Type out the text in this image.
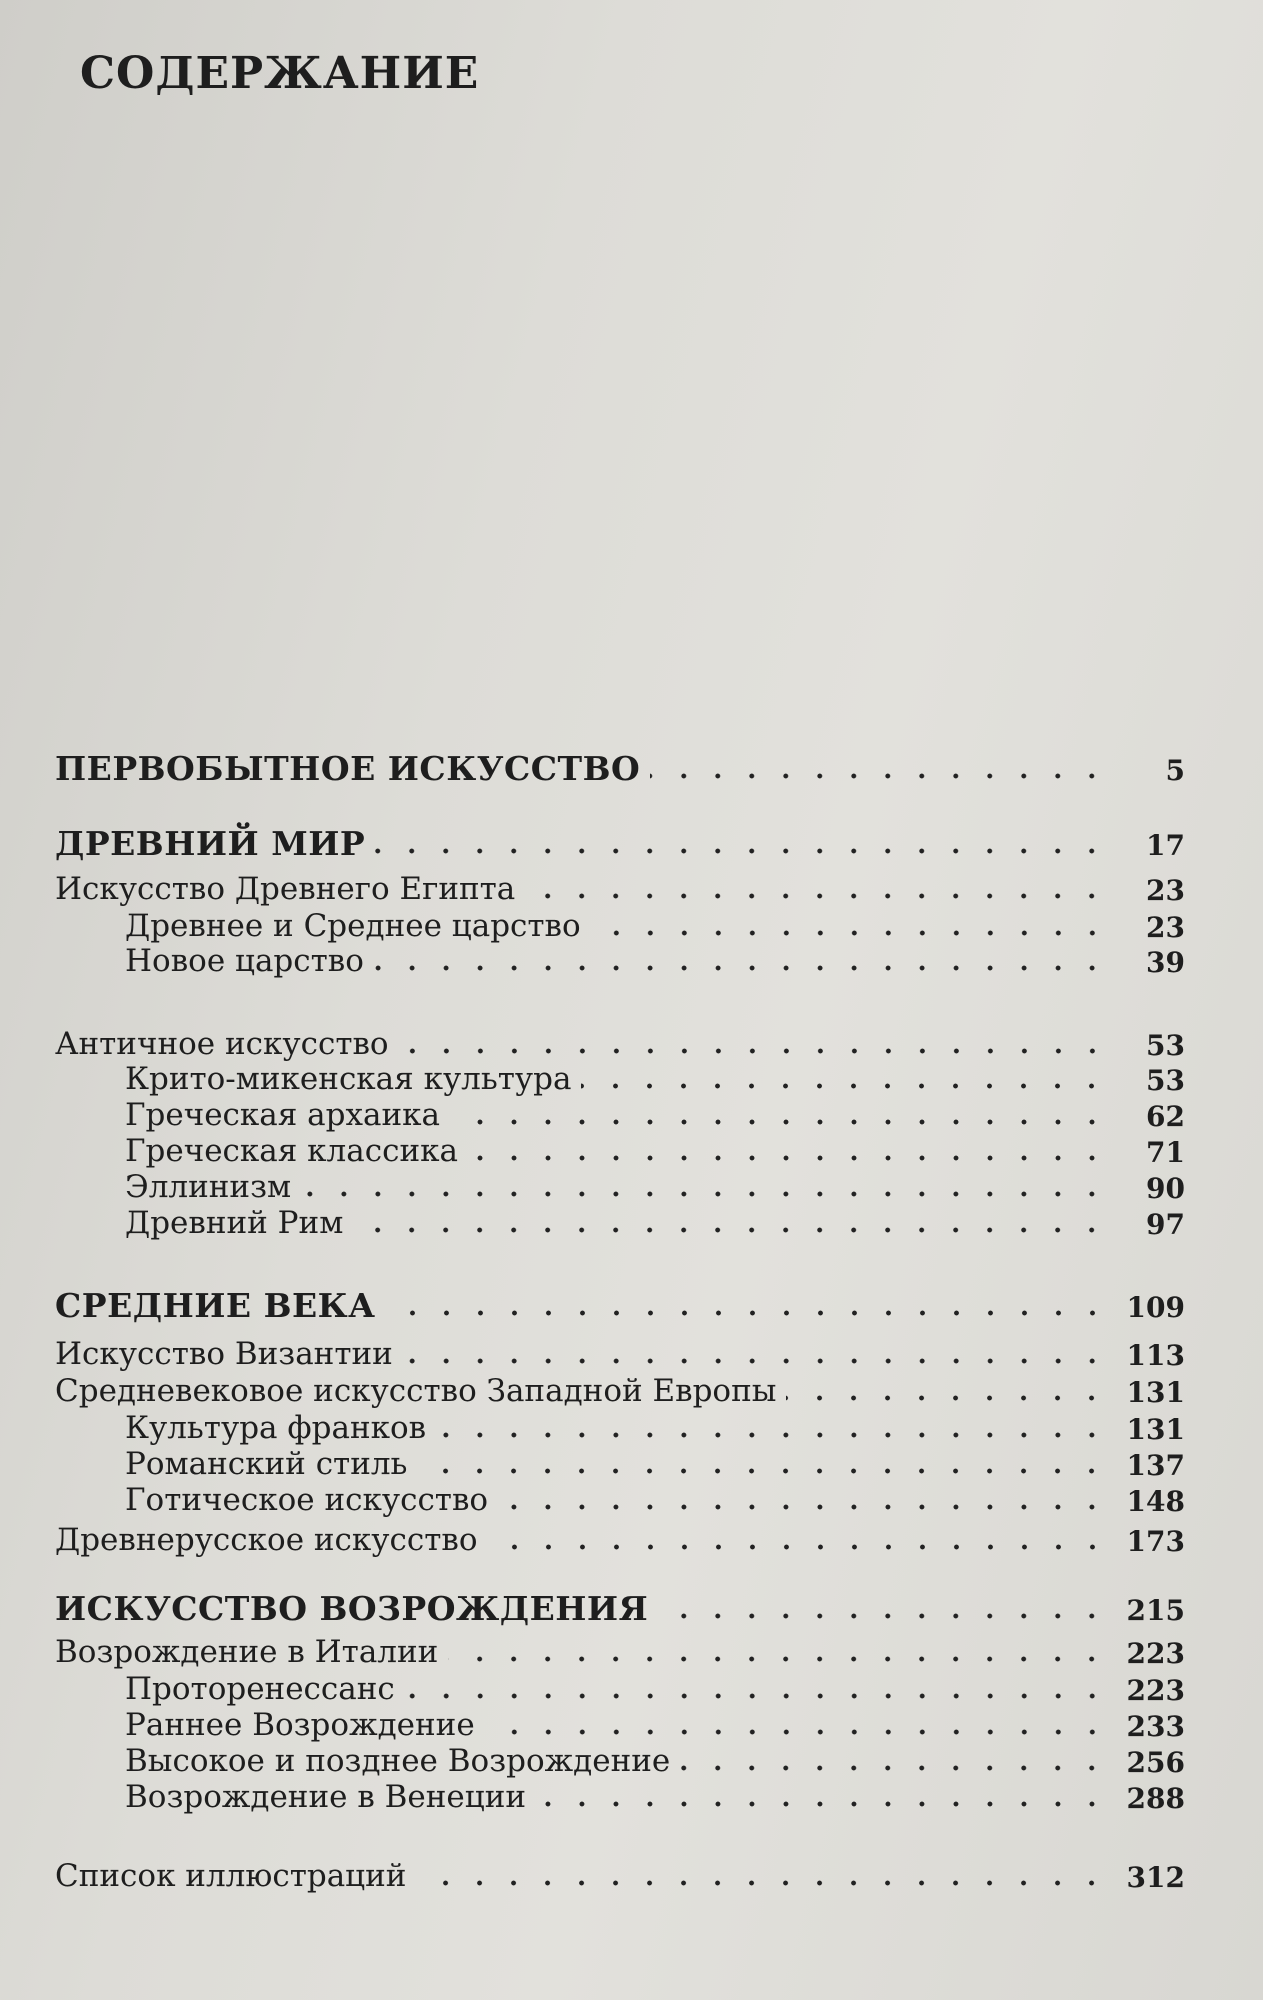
СОДЕРЖАНИЕ
ПЕРВОБЫТНОЕ ИСКУССТВО	5
ДРЕВНИЙ МИР	17
Искусство Древнего Египта	23
Древнее и Среднее царство	23
Новое царство	39
Античное искусство	53
Крито-микенская культура	53
Греческая архаика	62
Греческая классика	71
Эллинизм	90
Древний Рим	97
СРЕДНИЕ ВЕКА	109
Искусство Византии	113
Средневековое искусство Западной Европы	131
Культура франков	131
Романский стиль	137
Готическое искусство	148
Древнерусское искусство	173
ИСКУССТВО ВОЗРОЖДЕНИЯ	215
Возрождение в Италии	223
Проторенессанс	223
Раннее Возрождение	233
Высокое и позднее Возрождение	256
Возрождение в Венеции	288
Список иллюстраций	312
